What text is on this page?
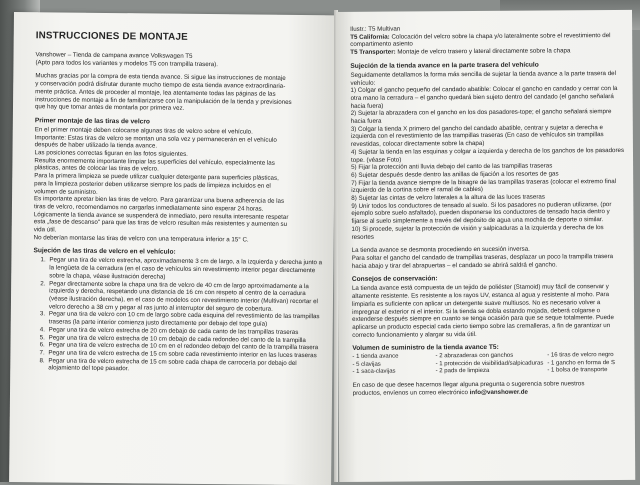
INSTRUCCIONES DE MONTAJE

Vanshower – Tienda de campana avance Volkswagen T5

(Apto para todos los variantes y modelos T5 con trampilla trasera).

Muchas gracias por la compra de esta tienda avance. Si sigue las instrucciones de montaje

y conservación podrá disfrutar durante mucho tiempo de esta tienda avance extraordinaria-

mente práctica. Antes de proceder al montaje, lea atentamente todas las páginas de las

instrucciones de montaje a fin de familiarizarse con la manipulación de la tienda y previsiones

que hay que tomar antes de montarla por primera vez.

Primer montaje de las tiras de velcro

En el primer montaje deben colocarse algunas tiras de velcro sobre el vehículo.

Importante: Estas tiras de velcro se montan una sola vez y permanecerán en el vehículo

después de haber utilizado la tienda avance.

Las posiciones correctas figuran en las fotos siguientes.

Resulta enormemente importante limpiar las superficies del vehículo, especialmente las

plásticas, antes de colocar las tiras de velcro.

Para la primera limpieza se puede utilizar cualquier detergente para superficies plásticas,

para la limpieza posterior deben utilizarse siempre los pads de limpieza incluidos en el

volumen de suministro.

Es importante apretar bien las tiras de velcro. Para garantizar una buena adherencia de las

tiras de velcro, recomendamos no cargarlas inmediatamente sino esperar 24 horas.

Lógicamente la tienda avance se suspenderá de inmediato, pero resulta interesante respetar

esta „fase de descanso" para que las tiras de velcro resulten más resistentes y aumenten su

vida útil.

No deberían montarse las tiras de velcro con una temperatura inferior a 15° C.

Sujeción de las tiras de velcro en el vehículo:
1. Pegar una tira de velcro estrecha, aproximadamente 3 cm de largo, a la izquierda y derecha junto a la lengüeta de la cerradura (en el caso de vehículos sin revestimiento interior pegar directamente sobre la chapa, véase ilustración derecha)
2. Pegar directamente sobre la chapa una tira de velcro de 40 cm de largo aproximadamente a la izquierda y derecha, respetando una distancia de 16 cm con respeto al centro de la cerradura (véase ilustración derecha), en el caso de modelos con revestimiento interior (Multivan) recortar el velcro derecho a 38 cm y pegar al ras junto al interruptor del seguro de cobertura.
3. Pegar una tira de velcro con 10 cm de largo sobre cada esquina del revestimiento de las trampillas traseras (la parte interior comienza justo directamente por debajo del tope guía)
4. Pegar una tira de velcro estrecha de 20 cm debajo de cada canto de las trampillas traseras
5. Pegar una tira de velcro estrecha de 10 cm debajo de cada redondeo del canto de la trampilla
6. Pegar una tira de velcro estrecha de 10 cm en el redondeo debajo del canto de la trampilla trasera
7. Pegar una tira de velcro estrecha de 15 cm sobre cada revestimiento interior en las luces traseras
8. Pegar una tira de velcro estrecha de 15 cm sobre cada chapa de carrocería por debajo del alojamiento del tope pasador.

Ilustr.: T5 Multivan

T5 California: Colocación del velcro sobre la chapa y/o lateralmente sobre el revestimiento del compartimento asiento

T5 Transporter: Montaje de velcro trasero y lateral directamente sobre la chapa

Sujeción de la tienda avance en la parte trasera del vehículo

Seguidamente detallamos la forma más sencilla de sujetar la tienda avance a la parte trasera del vehículo:

1) Colgar el gancho pequeño del candado abatible: Colocar el gancho en candado y cerrar con la otra mano la cerradura – el gancho quedará bien sujeto dentro del candado (el gancho señalará hacia fuera)

2) Sujetar la abrazadera con el gancho en los dos pasadores-tope; el gancho señalará siempre hacia fuera

3) Colgar la tienda X primero del gancho del candado abatible, centrar y sujetar a derecha e izquierda con el revestimiento de las trampillas traseras (En caso de vehículos sin trampillas revestidas, colocar directamente sobre la chapa)

4) Sujetar la tienda en las esquinas y colgar a izquierda y derecha de los ganchos de los pasadores tope. (véase Foto)

5) Fijar la protección anti lluvia debajo del canto de las trampillas traseras

6) Sujetar después desde dentro las anillas de fijación a los resortes de gas

7) Fijar la tienda avance siempre de la bisagre de las trampillas traseras (colocar el extremo final izquierdo de la cortina sobre el ramal de cables)

8) Sujetar las cintas de velcro laterales a la altura de las luces traseras

9) Unir todos los conductores de tensado al suelo. Si los pasadores no pudieran utilizarse, (por ejemplo sobre suelo asfaltado), pueden disponerse los conductores de tensado hacia dentro y fijarse al suelo simplemente a través del depósito de agua una mochila de deporte o similar.

10) Si procede, sujetar la protección de visión y salpicaduras a la izquierda y derecha de los resortes

La tienda avance se desmonta procediendo en sucesión inversa.

Para soltar el gancho del candado de trampillas traseras, desplazar un poco la trampilla trasera hacia abajo y tirar del abrapuertas – el candado se abrirá saldrá el gancho.

Consejos de conservación:

La tienda avance está compuesta de un tejido de poliéster (Stamoid) muy fácil de conservar y altamente resistente. Es resistente a los rayos UV, estanca al agua y resistente al moho. Para limpiarla es suficiente con aplicar un detergente suave multiusos. No es necesario volver a impregnar el exterior ni el interior. Si la tienda se dobla estando mojada, deberá colgarse o extenderse después siempre en cuanto se tenga ocasión para que se seque totalmente. Puede aplicarse un producto especial cada cierto tiempo sobre las cremalleras, a fin de garantizar un correcto funcionamiento y alargar su vida útil.

Volumen de suministro de la tienda avance T5:
- 1 tienda avance	- 2 abrazaderas con ganchos	- 16 tiras de velcro negro
- 5 clavijas	- 1 protección de visibilidad/salpicaduras - 1 gancho en forma de S
- 1 saca-clavijas	- 2 pads de limpieza	- 1 bolsa de transporte

En caso de que desee hacernos llegar alguna pregunta o sugerencia sobre nuestros

productos, envíenos un correo electrónico info@vanshower.de
